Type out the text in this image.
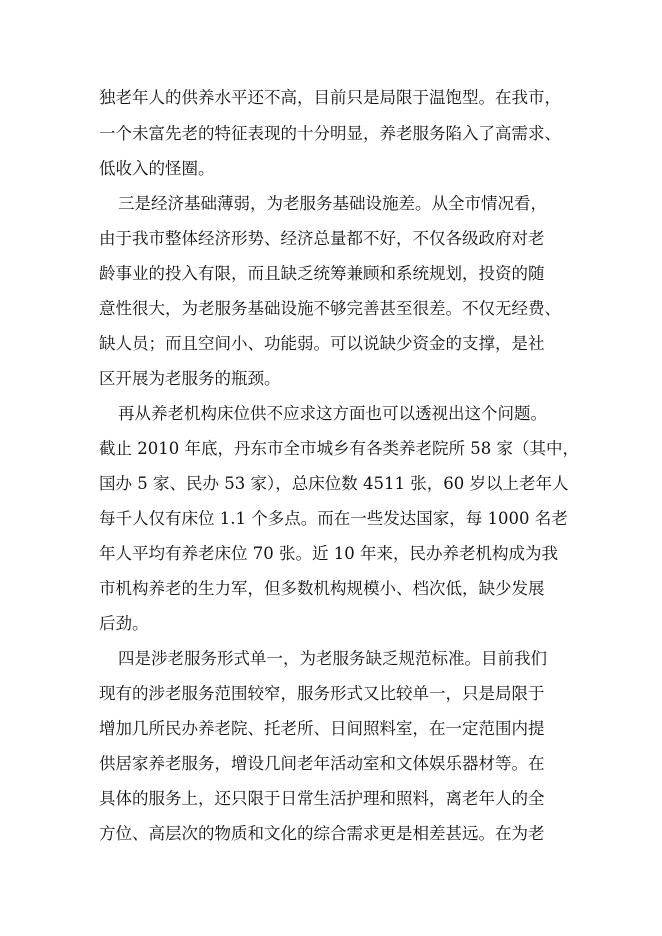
独老年人的供养水平还不高，目前只是局限于温饱型。在我市，
一个未富先老的特征表现的十分明显，养老服务陷入了高需求、
低收入的怪圈。
三是经济基础薄弱，为老服务基础设施差。从全市情况看，
由于我市整体经济形势、经济总量都不好，不仅各级政府对老
龄事业的投入有限，而且缺乏统筹兼顾和系统规划，投资的随
意性很大，为老服务基础设施不够完善甚至很差。不仅无经费、
缺人员；而且空间小、功能弱。可以说缺少资金的支撑，是社
区开展为老服务的瓶颈。
再从养老机构床位供不应求这方面也可以透视出这个问题。
截止 2010 年底，丹东市全市城乡有各类养老院所 58 家（其中，
国办 5 家、民办 53 家），总床位数 4511 张，60 岁以上老年人
每千人仅有床位 1.1 个多点。而在一些发达国家，每 1000 名老
年人平均有养老床位 70 张。近 10 年来，民办养老机构成为我
市机构养老的生力军，但多数机构规模小、档次低，缺少发展
后劲。
四是涉老服务形式单一，为老服务缺乏规范标准。目前我们
现有的涉老服务范围较窄，服务形式又比较单一，只是局限于
增加几所民办养老院、托老所、日间照料室，在一定范围内提
供居家养老服务，增设几间老年活动室和文体娱乐器材等。在
具体的服务上，还只限于日常生活护理和照料，离老年人的全
方位、高层次的物质和文化的综合需求更是相差甚远。在为老
